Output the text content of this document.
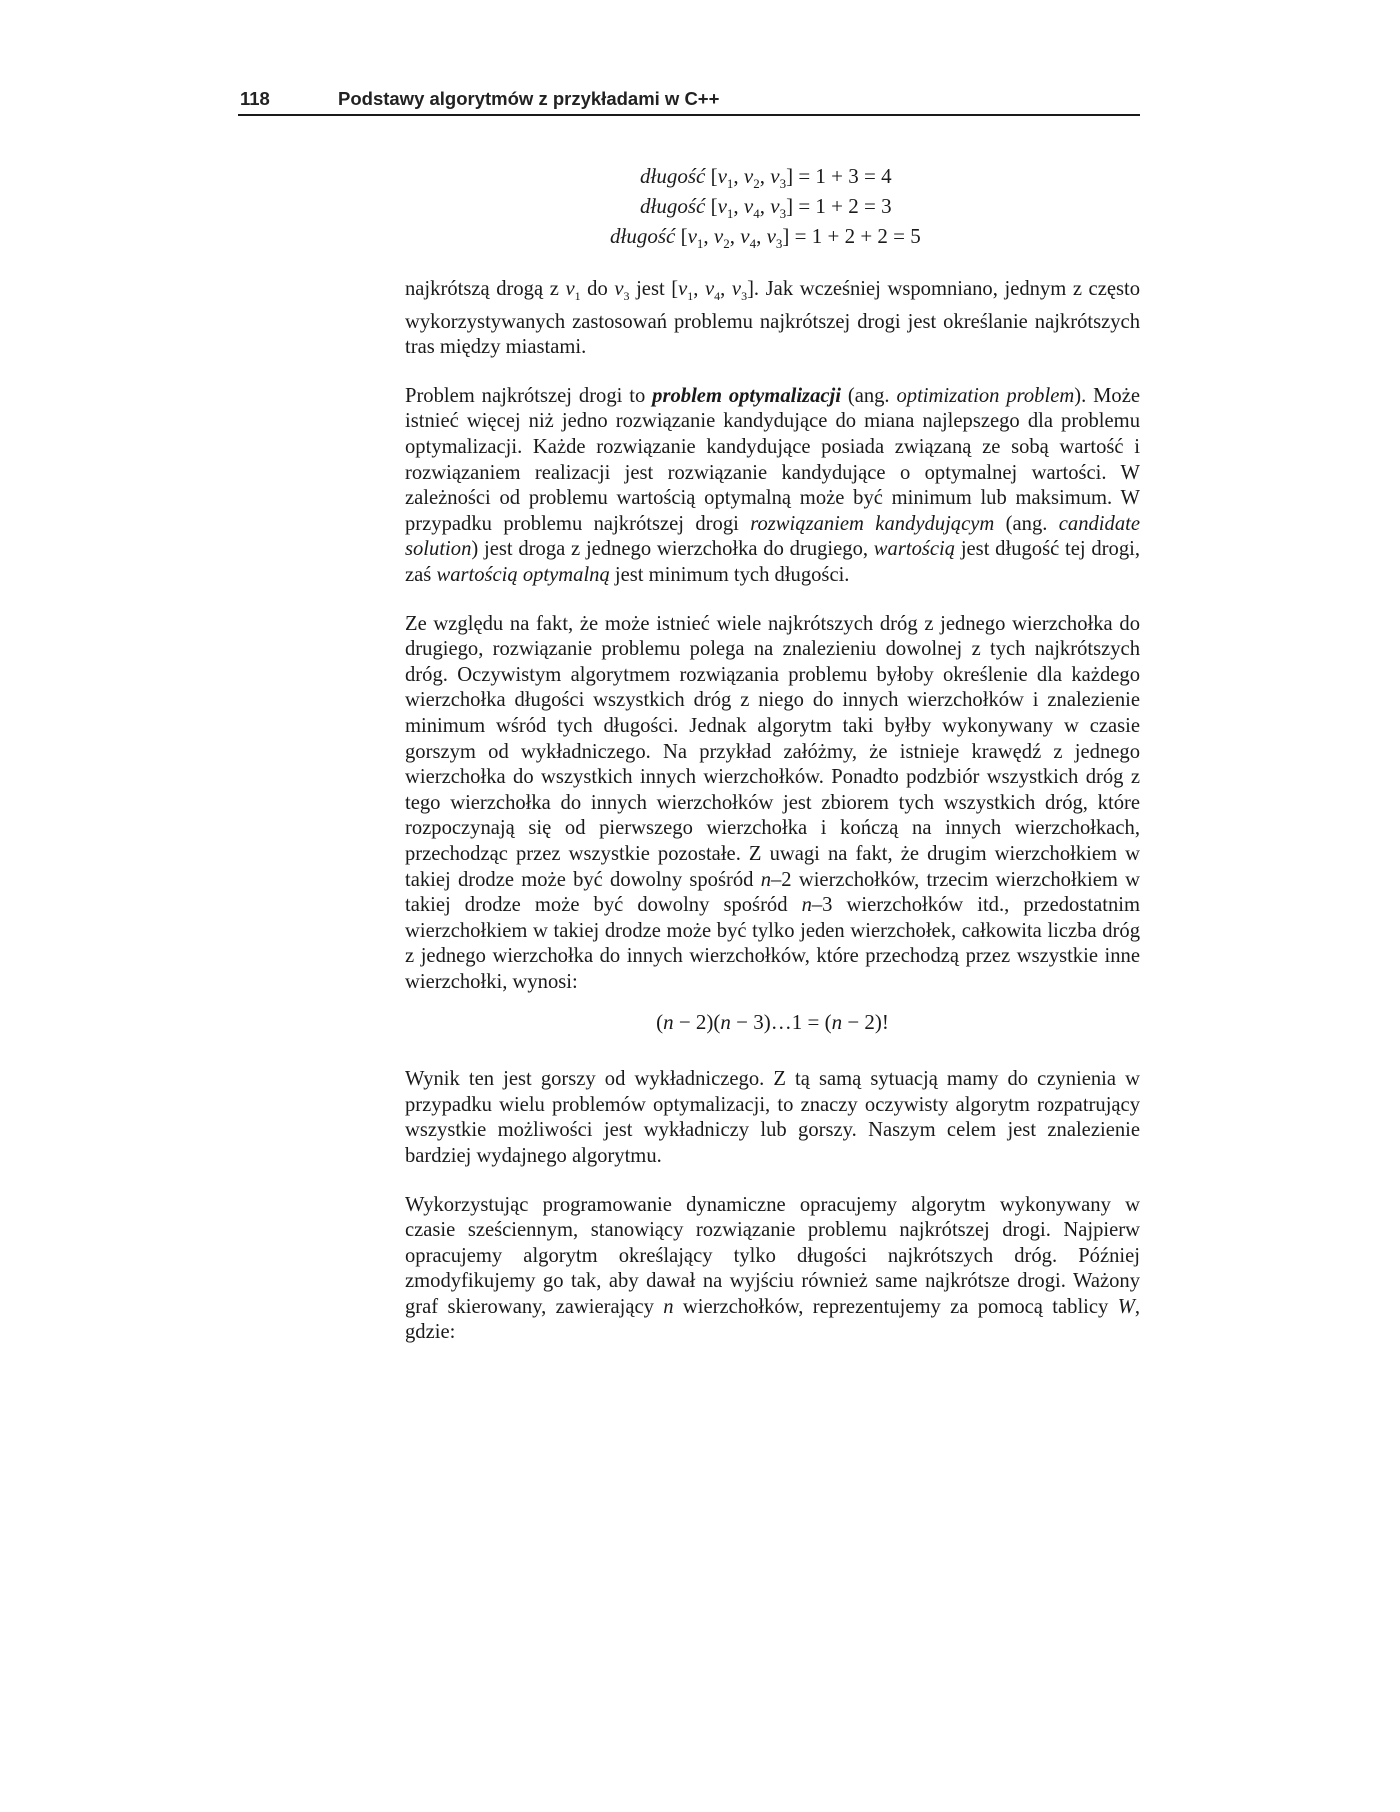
118	Podstawy algorytmów z przykładami w C++
długość [$v_1$, $v_2$, $v_3] = 1 + 3 = 4$
długość [$v_1$, $v_4$, $v_3] = 1 + 2 = 3$
długość [$v_1$, $v_2$, $v_4$, $v_3] = 1 + 2 + 2 = 5$

najkrótszą drogą z $v_1$ do $v_3$ jest [$v_1$, $v_4$, $v_3$]. Jak wcześniej wspomniano, jednym z często wykorzystywanych zastosowań problemu najkrótszej drogi jest określanie najkrótszych tras między miastami.

Problem najkrótszej drogi to problem optymalizacji (ang. optimization problem). Może istnieć więcej niż jedno rozwiązanie kandydujące do miana najlepszego dla problemu optymalizacji. Każde rozwiązanie kandydujące posiada związaną ze sobą wartość i rozwiązaniem realizacji jest rozwiązanie kandydujące o optymalnej wartości. W zależności od problemu wartością optymalną może być minimum lub maksimum. W przypadku problemu najkrótszej drogi rozwiązaniem kandydującym (ang. candidate solution) jest droga z jednego wierzchołka do drugiego, wartością jest długość tej drogi, zaś wartością optymalną jest minimum tych długości.

Ze względu na fakt, że może istnieć wiele najkrótszych dróg z jednego wierzchołka do drugiego, rozwiązanie problemu polega na znalezieniu dowolnej z tych najkrótszych dróg. Oczywistym algorytmem rozwiązania problemu byłoby określenie dla każdego wierzchołka długości wszystkich dróg z niego do innych wierzchołków i znalezienie minimum wśród tych długości. Jednak algorytm taki byłby wykonywany w czasie gorszym od wykładniczego. Na przykład załóżmy, że istnieje krawędź z jednego wierzchołka do wszystkich innych wierzchołków. Ponadto podzbiór wszystkich dróg z tego wierzchołka do innych wierzchołków jest zbiorem tych wszystkich dróg, które rozpoczynają się od pierwszego wierzchołka i kończą na innych wierzchołkach, przechodząc przez wszystkie pozostałe. Z uwagi na fakt, że drugim wierzchołkiem w takiej drodze może być dowolny spośród n–2 wierzchołków, trzecim wierzchołkiem w takiej drodze może być dowolny spośród n–3 wierzchołków itd., przedostatnim wierzchołkiem w takiej drodze może być tylko jeden wierzchołek, całkowita liczba dróg z jednego wierzchołka do innych wierzchołków, które przechodzą przez wszystkie inne wierzchołki, wynosi:

(n − 2)(n − 3)…1 = (n − 2)!

Wynik ten jest gorszy od wykładniczego. Z tą samą sytuacją mamy do czynienia w przypadku wielu problemów optymalizacji, to znaczy oczywisty algorytm rozpatrujący wszystkie możliwości jest wykładniczy lub gorszy. Naszym celem jest znalezienie bardziej wydajnego algorytmu.

Wykorzystując programowanie dynamiczne opracujemy algorytm wykonywany w czasie sześciennym, stanowiący rozwiązanie problemu najkrótszej drogi. Najpierw opracujemy algorytm określający tylko długości najkrótszych dróg. Później zmodyfikujemy go tak, aby dawał na wyjściu również same najkrótsze drogi. Ważony graf skierowany, zawierający n wierzchołków, reprezentujemy za pomocą tablicy W, gdzie:
